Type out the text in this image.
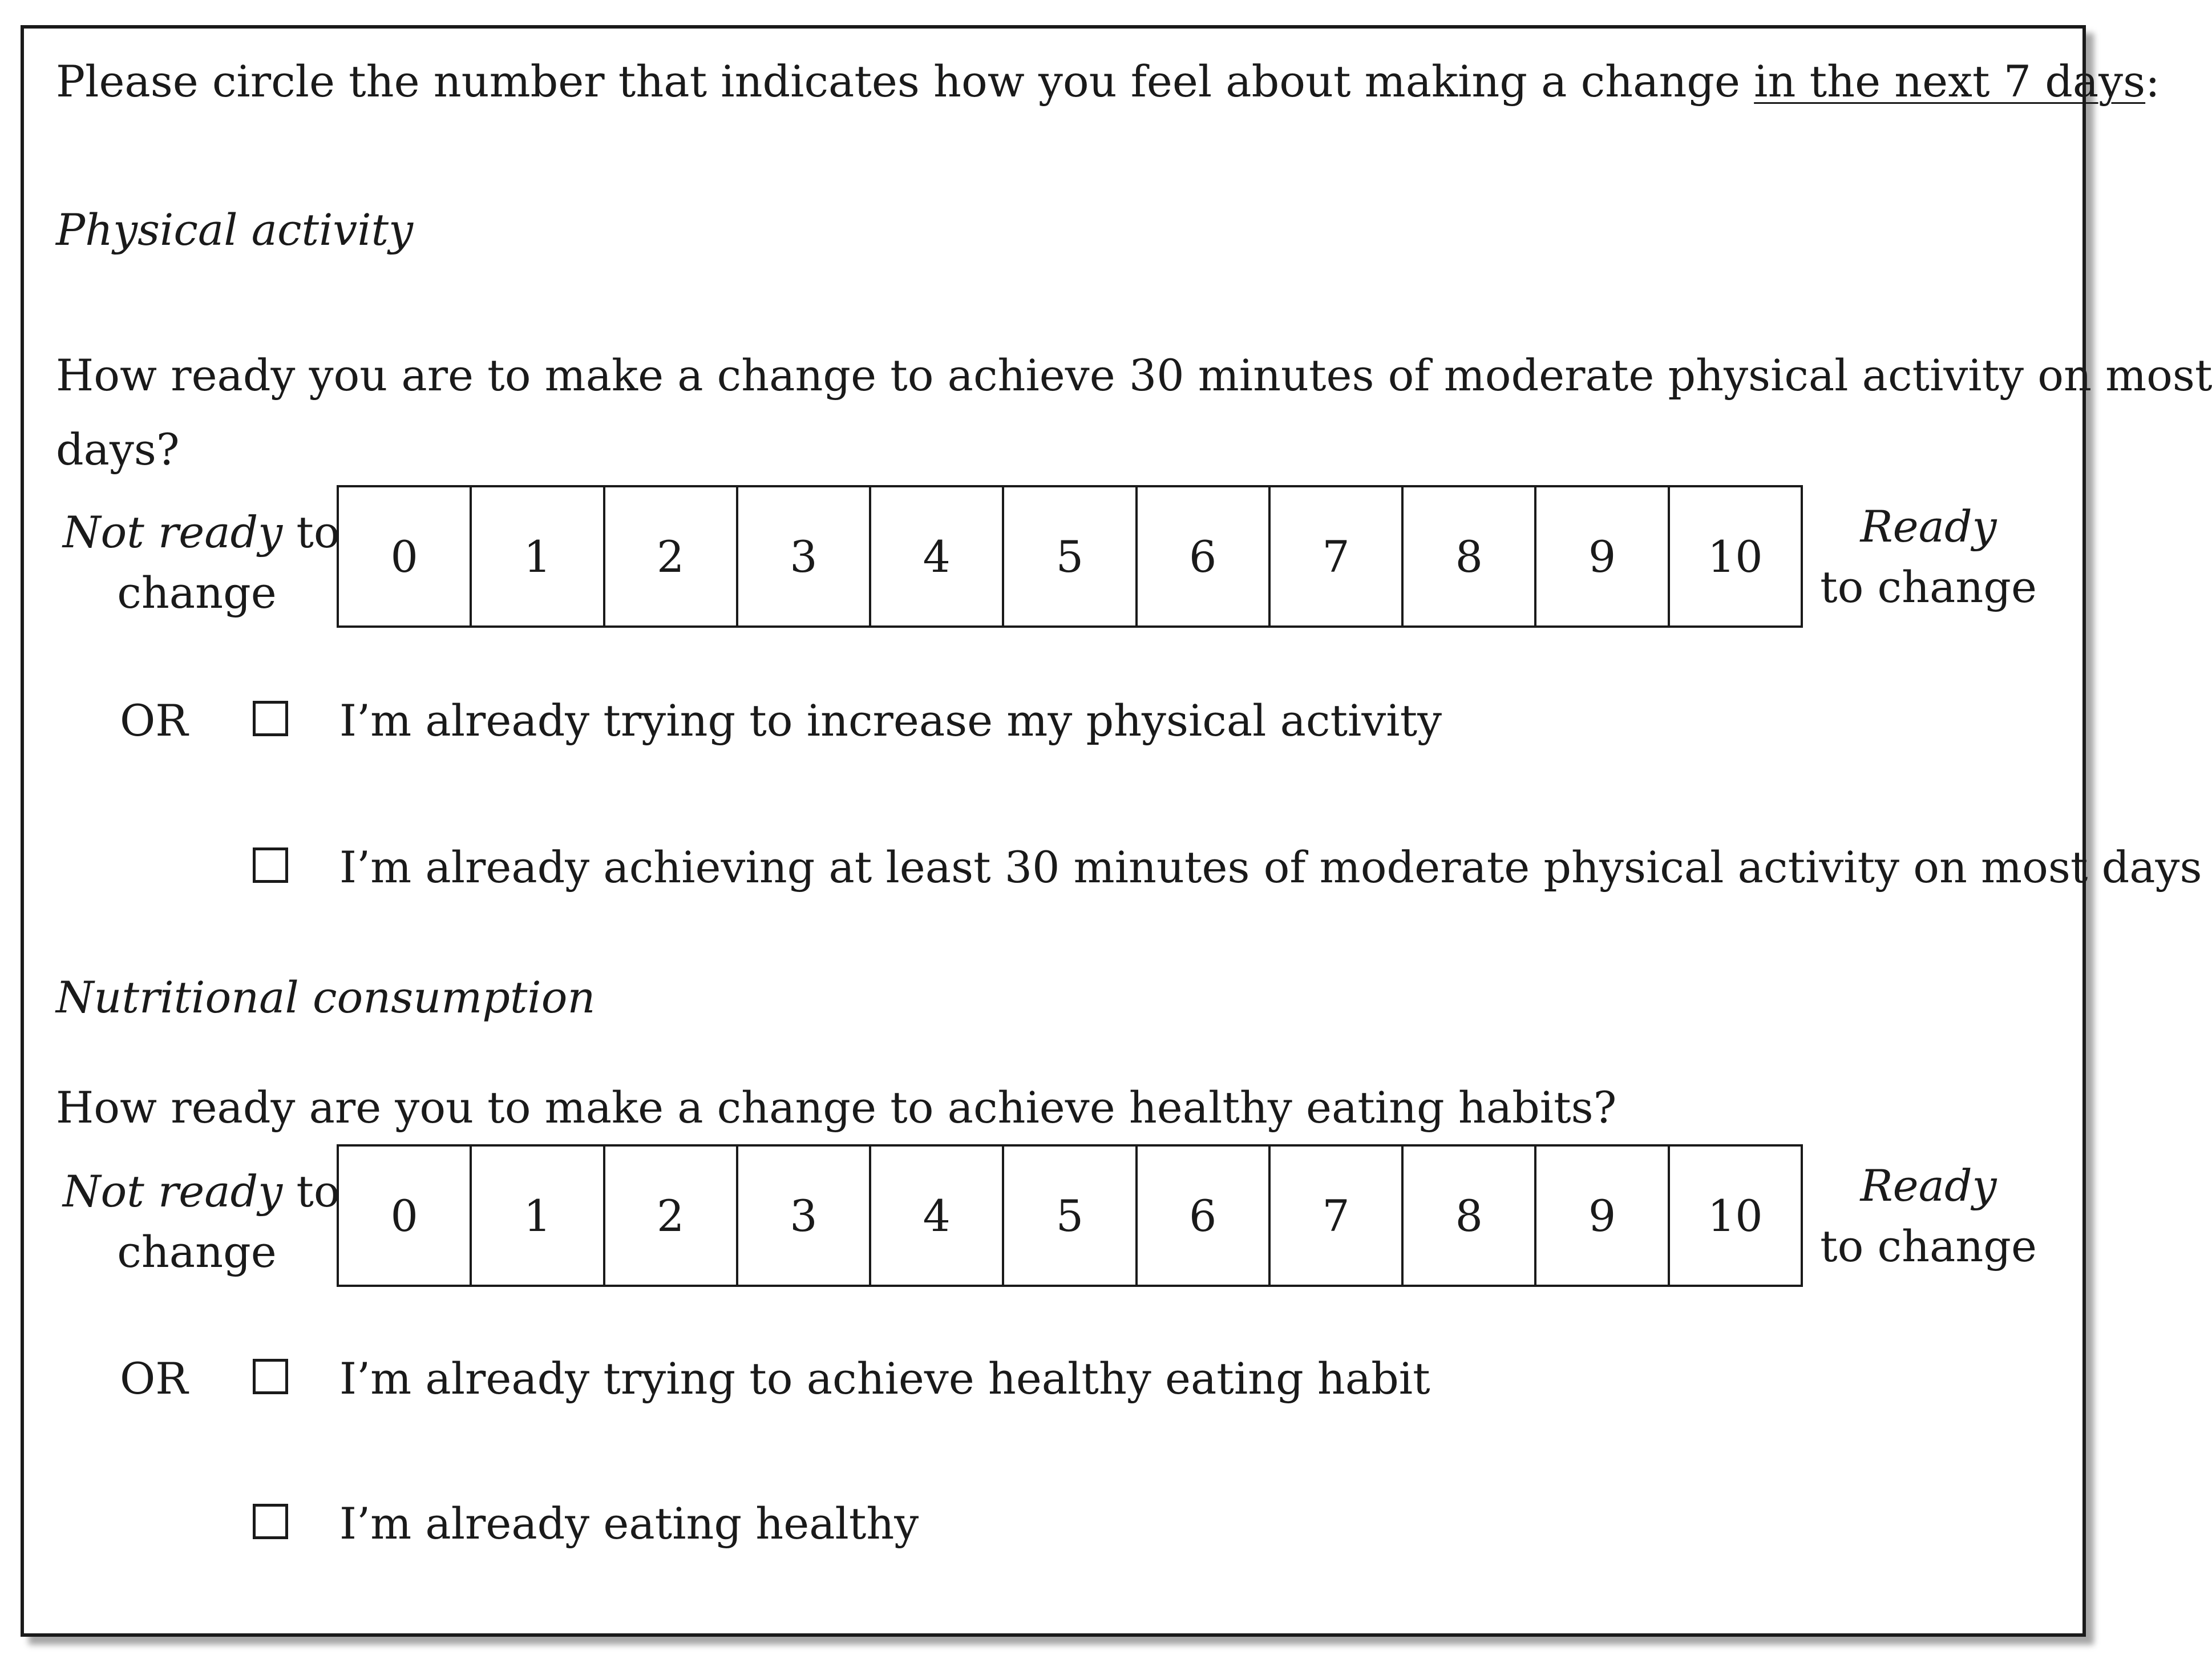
Please circle the number that indicates how you feel about making a change in the next 7 days:
Physical activity
How ready you are to make a change to achieve 30 minutes of moderate physical activity on most
days?
Not ready to
change
0	1	2	3	4	5	6	7	8	9	10
Ready
to change
OR	I’m already trying to increase my physical activity
I’m already achieving at least 30 minutes of moderate physical activity on most days
Nutritional consumption
How ready are you to make a change to achieve healthy eating habits?
Not ready to
change
0	1	2	3	4	5	6	7	8	9	10
Ready
to change
OR	I’m already trying to achieve healthy eating habit
I’m already eating healthy
